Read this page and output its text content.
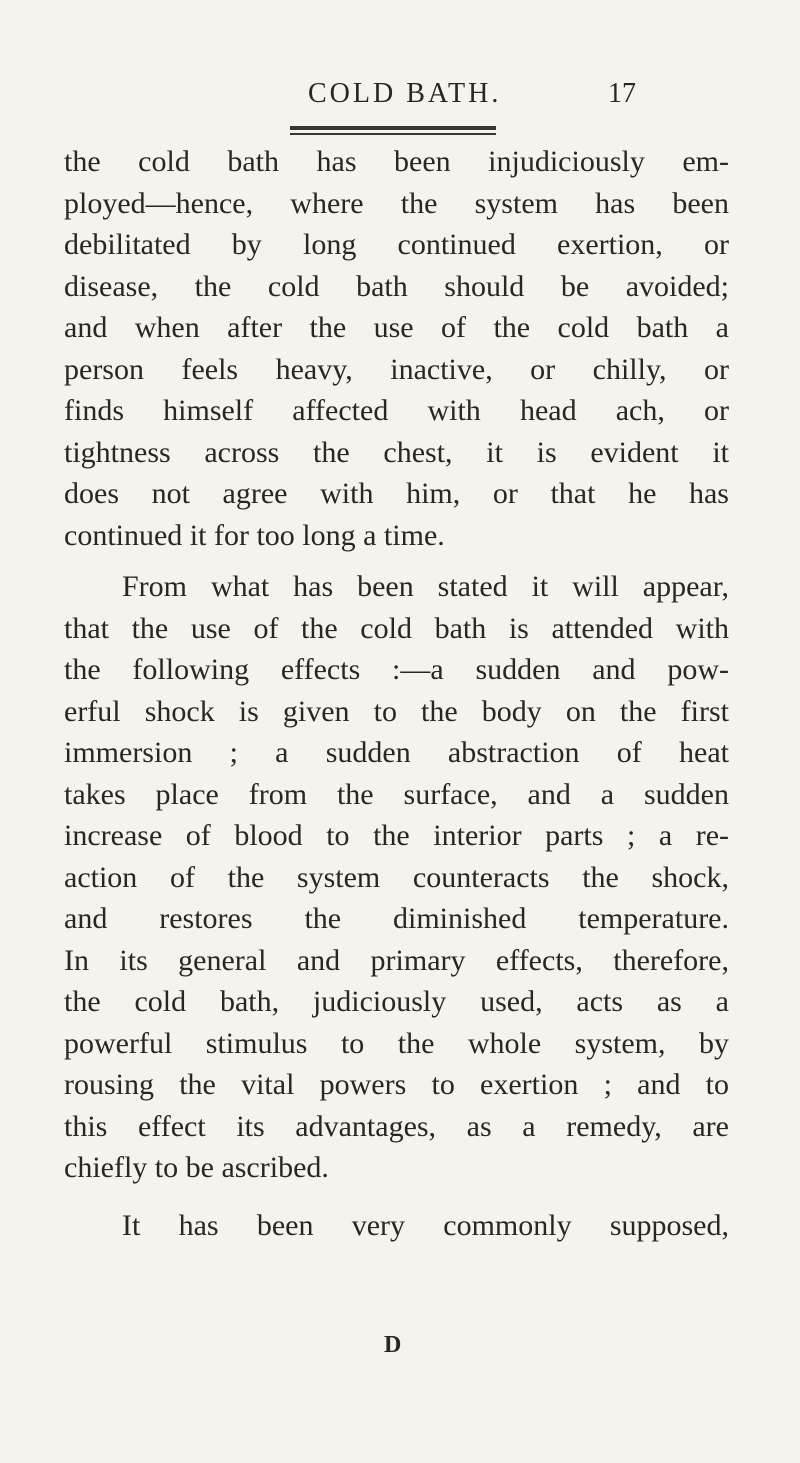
COLD BATH.	17
the cold bath has been injudiciously em-
ployed—hence, where the system has been
debilitated by long continued exertion, or
disease, the cold bath should be avoided;
and when after the use of the cold bath a
person feels heavy, inactive, or chilly, or
finds himself affected with head ach, or
tightness across the chest, it is evident it
does not agree with him, or that he has
continued it for too long a time.
From what has been stated it will appear,
that the use of the cold bath is attended with
the following effects :—a sudden and pow-
erful shock is given to the body on the first
immersion ; a sudden abstraction of heat
takes place from the surface, and a sudden
increase of blood to the interior parts ; a re-
action of the system counteracts the shock,
and restores the diminished temperature.
In its general and primary effects, therefore,
the cold bath, judiciously used, acts as a
powerful stimulus to the whole system, by
rousing the vital powers to exertion ; and to
this effect its advantages, as a remedy, are
chiefly to be ascribed.
It has been very commonly supposed,
D
